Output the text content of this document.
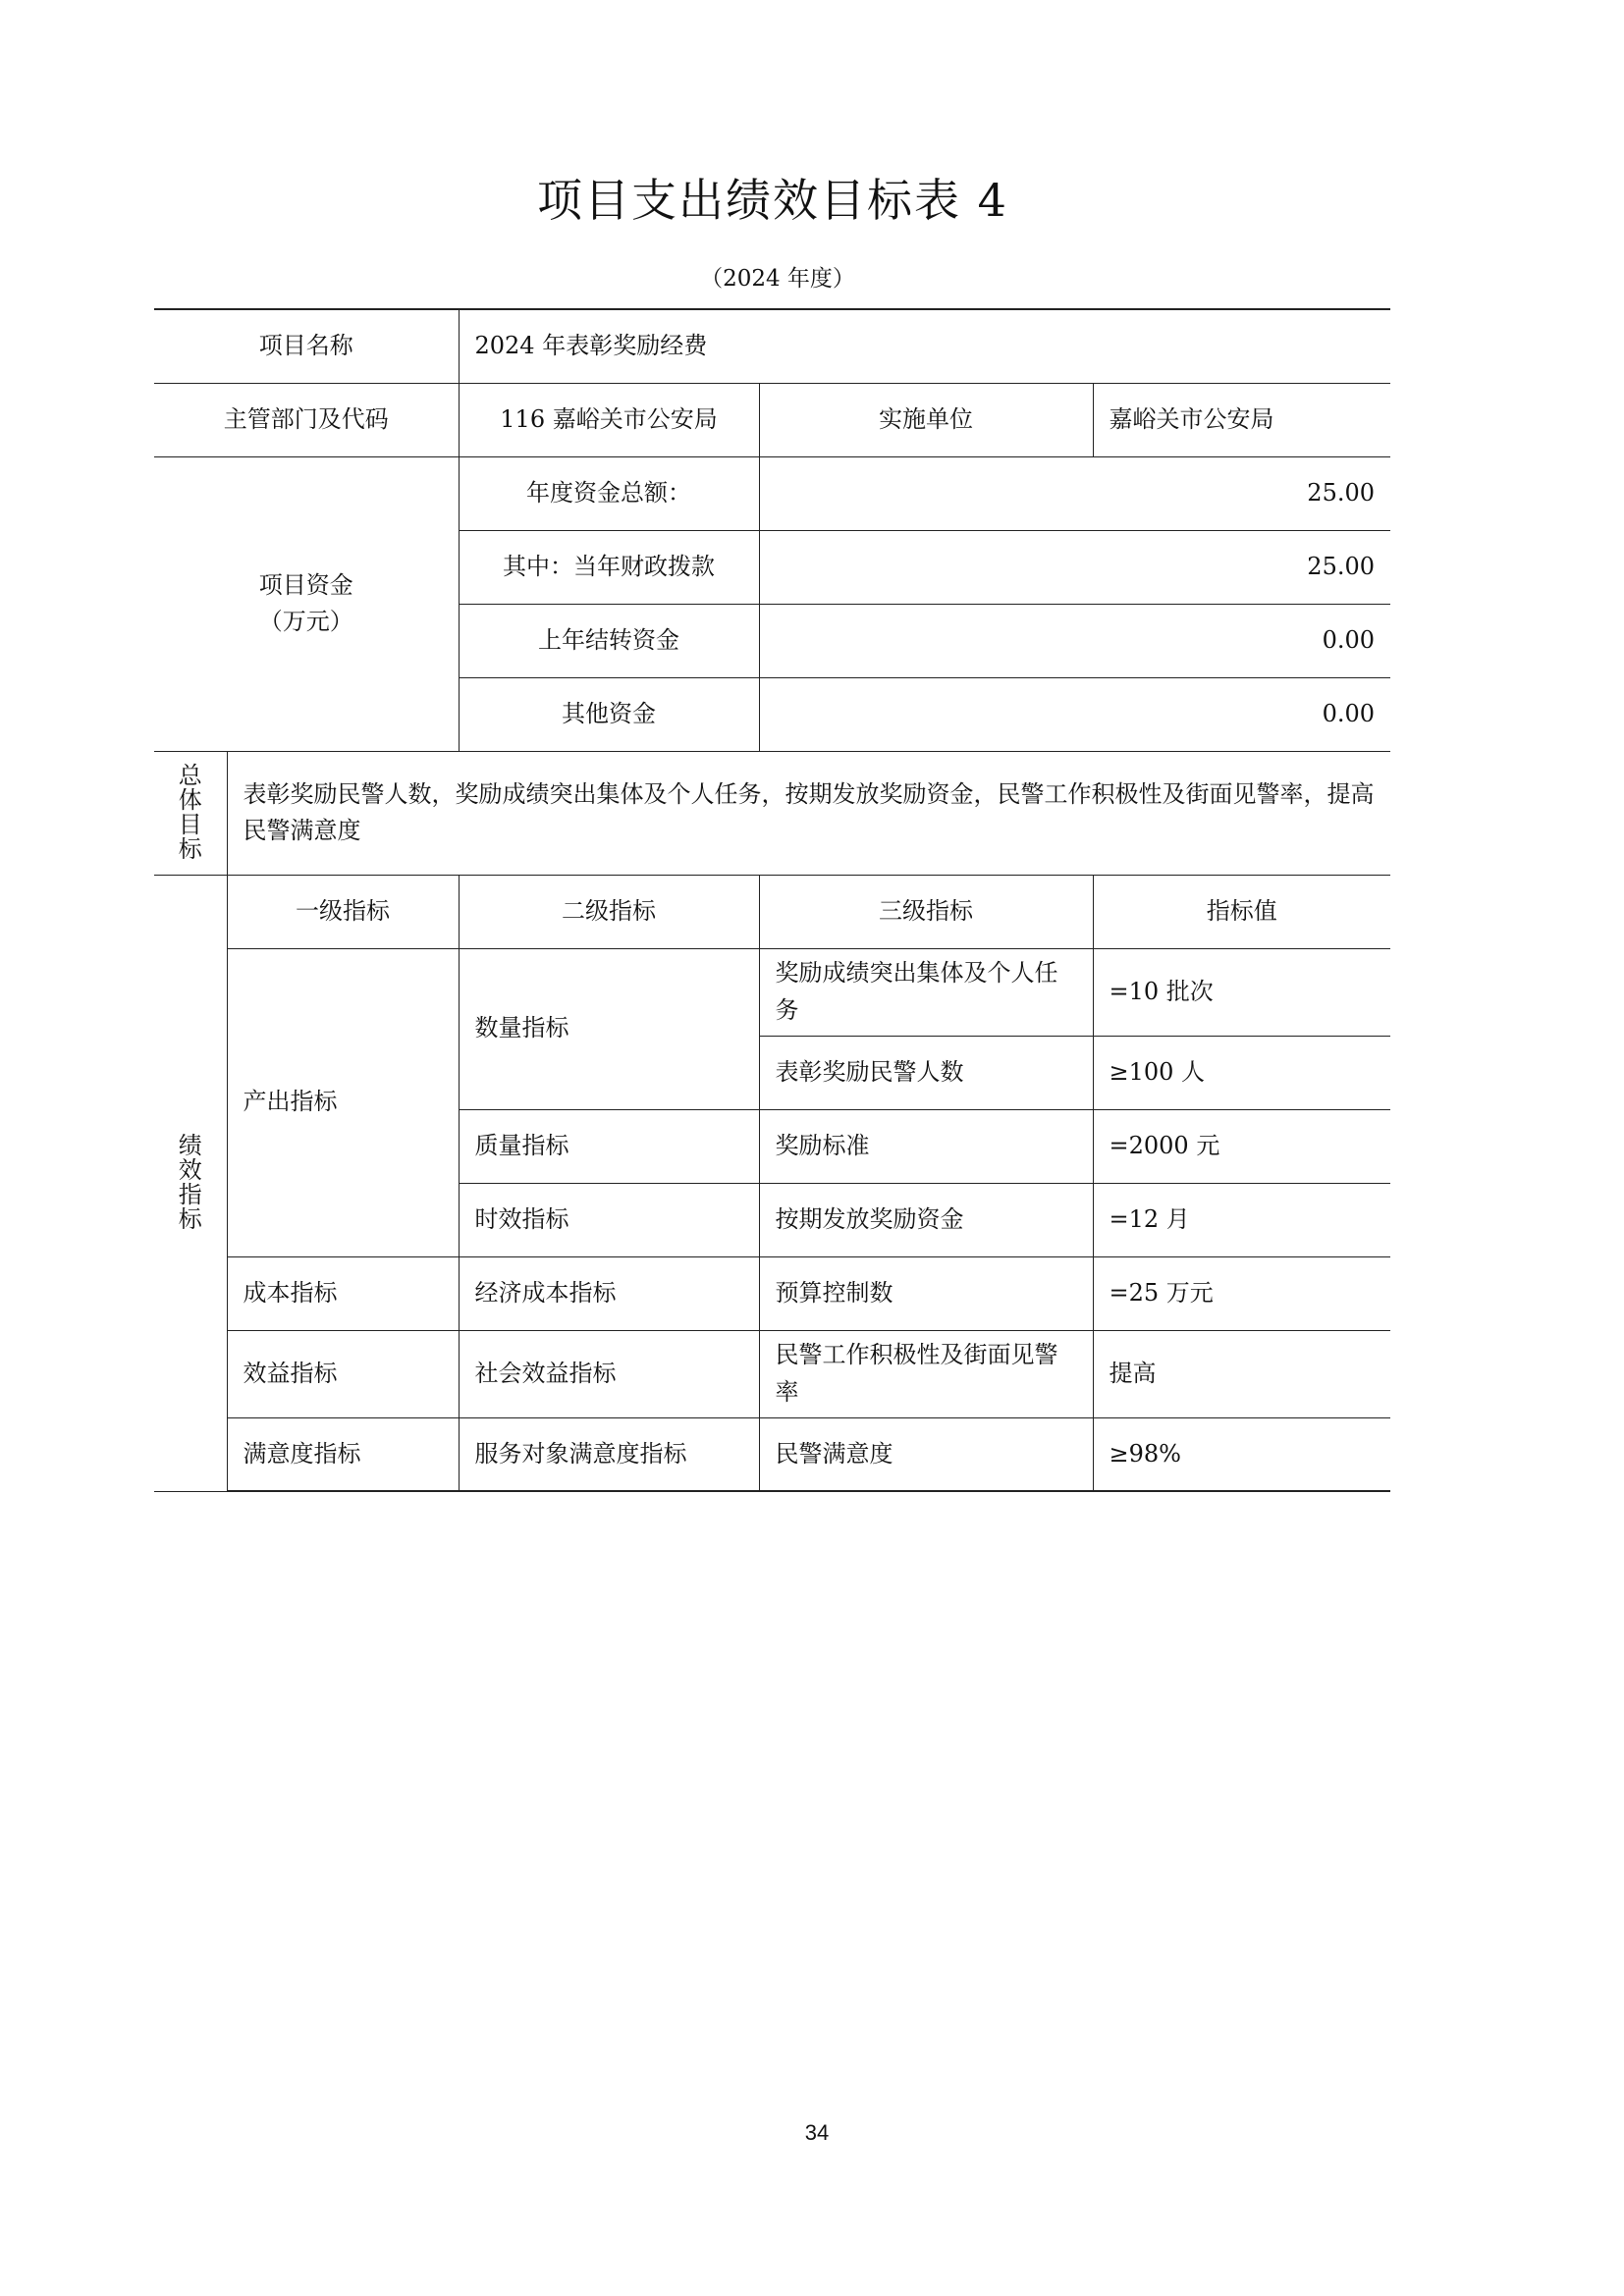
项目支出绩效目标表 4
（2024 年度）
项目名称		2024 年表彰奖励经费		
主管部门及代码		116 嘉峪关市公安局	实施单位	嘉峪关市公安局

项目资金
（万元）		年度资金总额：	25.00	
		其中：当年财政拨款	25.00	
		上年结转资金	0.00	
		其他资金	0.00	

总
体
目
标	表彰奖励民警人数，奖励成绩突出集体及个人任务，按期发放奖励资金，民警工作积极性及街面见警率，提高民警满意度			

绩
效
指
标	一级指标	二级指标	三级指标	指标值
	产出指标	数量指标	奖励成绩突出集体及个人任务	=10 批次
			表彰奖励民警人数	≥100 人
		质量指标	奖励标准	=2000 元
		时效指标	按期发放奖励资金	=12 月
	成本指标	经济成本指标	预算控制数	=25 万元
	效益指标	社会效益指标	民警工作积极性及街面见警率	提高
	满意度指标	服务对象满意度指标	民警满意度	≥98%
34
